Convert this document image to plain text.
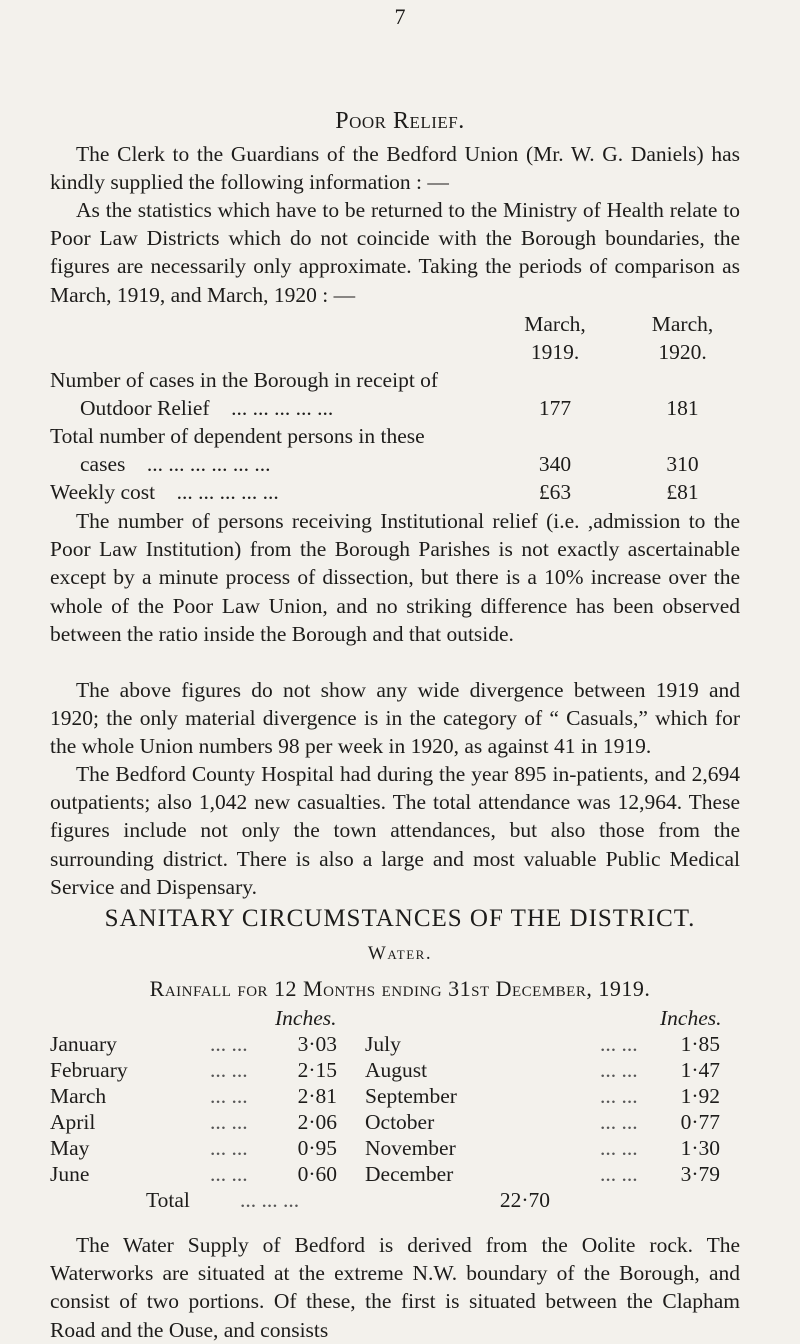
7
Poor Relief.

The Clerk to the Guardians of the Bedford Union (Mr. W. G. Daniels) has kindly supplied the following information : —

As the statistics which have to be returned to the Ministry of Health relate to Poor Law Districts which do not coincide with the Borough boundaries, the figures are necessarily only approximate. Taking the periods of comparison as March, 1919, and March, 1920 : —

March,	March,
1919.	1920.
Number of cases in the Borough in receipt of
Outdoor Relief ... ... ... ... ...	177	181
Total number of dependent persons in these
cases ... ... ... ... ... ...	340	310
Weekly cost ... ... ... ... ...	£63	£81

The number of persons receiving Institutional relief (i.e. ,admission to the Poor Law Institution) from the Borough Parishes is not exactly ascertainable except by a minute process of dissection, but there is a 10% increase over the whole of the Poor Law Union, and no striking difference has been observed between the ratio inside the Borough and that outside.

The above figures do not show any wide divergence between 1919 and 1920; the only material divergence is in the category of “ Casuals,” which for the whole Union numbers 98 per week in 1920, as against 41 in 1919.

The Bedford County Hospital had during the year 895 in-patients, and 2,694 outpatients; also 1,042 new casualties. The total attendance was 12,964. These figures include not only the town attendances, but also those from the surrounding district. There is also a large and most valuable Public Medical Service and Dispensary.

SANITARY CIRCUMSTANCES OF THE DISTRICT.
Water.
Rainfall for 12 Months ending 31st December, 1919.
Inches.	Inches.
January	... ...	3·03 July	... ...	1·85
February	... ...	2·15 August	... ...	1·47
March	... ...	2·81 September	... ...	1·92
April	... ...	2·06 October	... ...	0·77
May	... ...	0·95 November	... ...	1·30
June	... ...	0·60 December	... ...	3·79
Total ... ... ...	22·70

The Water Supply of Bedford is derived from the Oolite rock. The Waterworks are situated at the extreme N.W. boundary of the Borough, and consist of two portions. Of these, the first is situated between the Clapham Road and the Ouse, and consists
